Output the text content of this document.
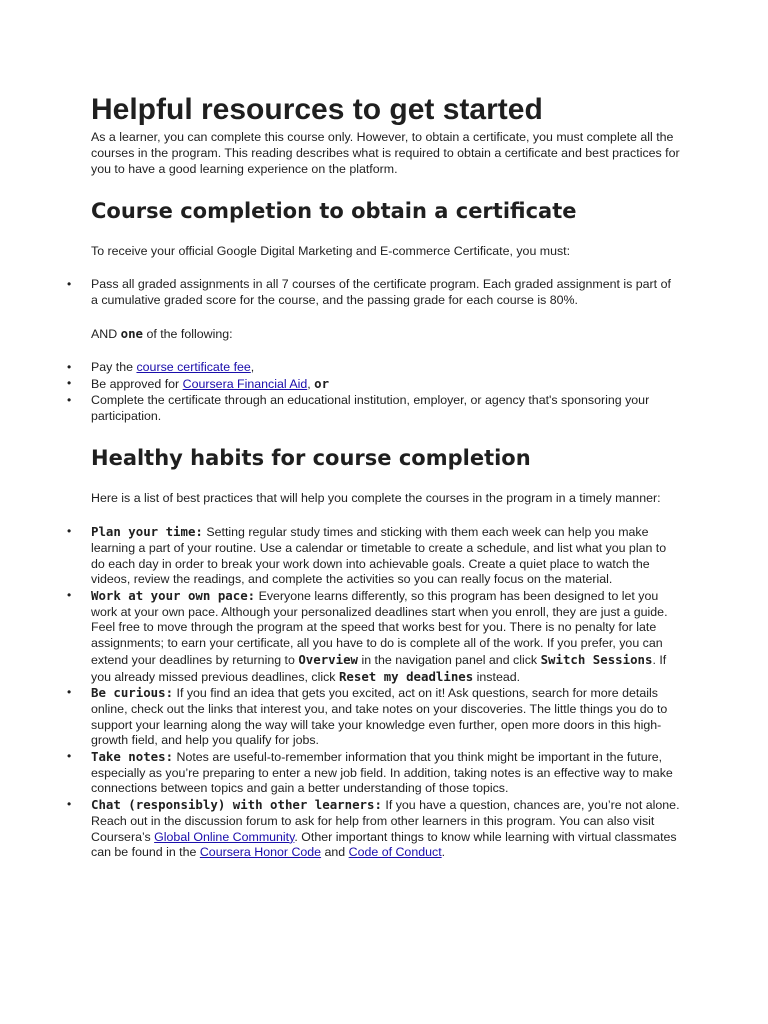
Helpful resources to get started

As a learner, you can complete this course only. However, to obtain a certificate, you must complete all the courses in the program. This reading describes what is required to obtain a certificate and best practices for you to have a good learning experience on the platform.

Course completion to obtain a certificate

To receive your official Google Digital Marketing and E-commerce Certificate, you must:

• Pass all graded assignments in all 7 courses of the certificate program. Each graded assignment is part of a cumulative graded score for the course, and the passing grade for each course is 80%.

AND one of the following:

• Pay the course certificate fee,
• Be approved for Coursera Financial Aid, or
• Complete the certificate through an educational institution, employer, or agency that's sponsoring your participation.
Healthy habits for course completion

Here is a list of best practices that will help you complete the courses in the program in a timely manner:

• Plan your time: Setting regular study times and sticking with them each week can help you make learning a part of your routine. Use a calendar or timetable to create a schedule, and list what you plan to do each day in order to break your work down into achievable goals. Create a quiet place to watch the videos, review the readings, and complete the activities so you can really focus on the material.
• Work at your own pace: Everyone learns differently, so this program has been designed to let you work at your own pace. Although your personalized deadlines start when you enroll, they are just a guide. Feel free to move through the program at the speed that works best for you. There is no penalty for late assignments; to earn your certificate, all you have to do is complete all of the work. If you prefer, you can extend your deadlines by returning to Overview in the navigation panel and click Switch Sessions. If you already missed previous deadlines, click Reset my deadlines instead.
• Be curious: If you find an idea that gets you excited, act on it! Ask questions, search for more details online, check out the links that interest you, and take notes on your discoveries. The little things you do to support your learning along the way will take your knowledge even further, open more doors in this high-growth field, and help you qualify for jobs.
• Take notes: Notes are useful-to-remember information that you think might be important in the future, especially as you’re preparing to enter a new job field. In addition, taking notes is an effective way to make connections between topics and gain a better understanding of those topics.
• Chat (responsibly) with other learners: If you have a question, chances are, you’re not alone. Reach out in the discussion forum to ask for help from other learners in this program. You can also visit Coursera’s Global Online Community. Other important things to know while learning with virtual classmates can be found in the Coursera Honor Code and Code of Conduct.
